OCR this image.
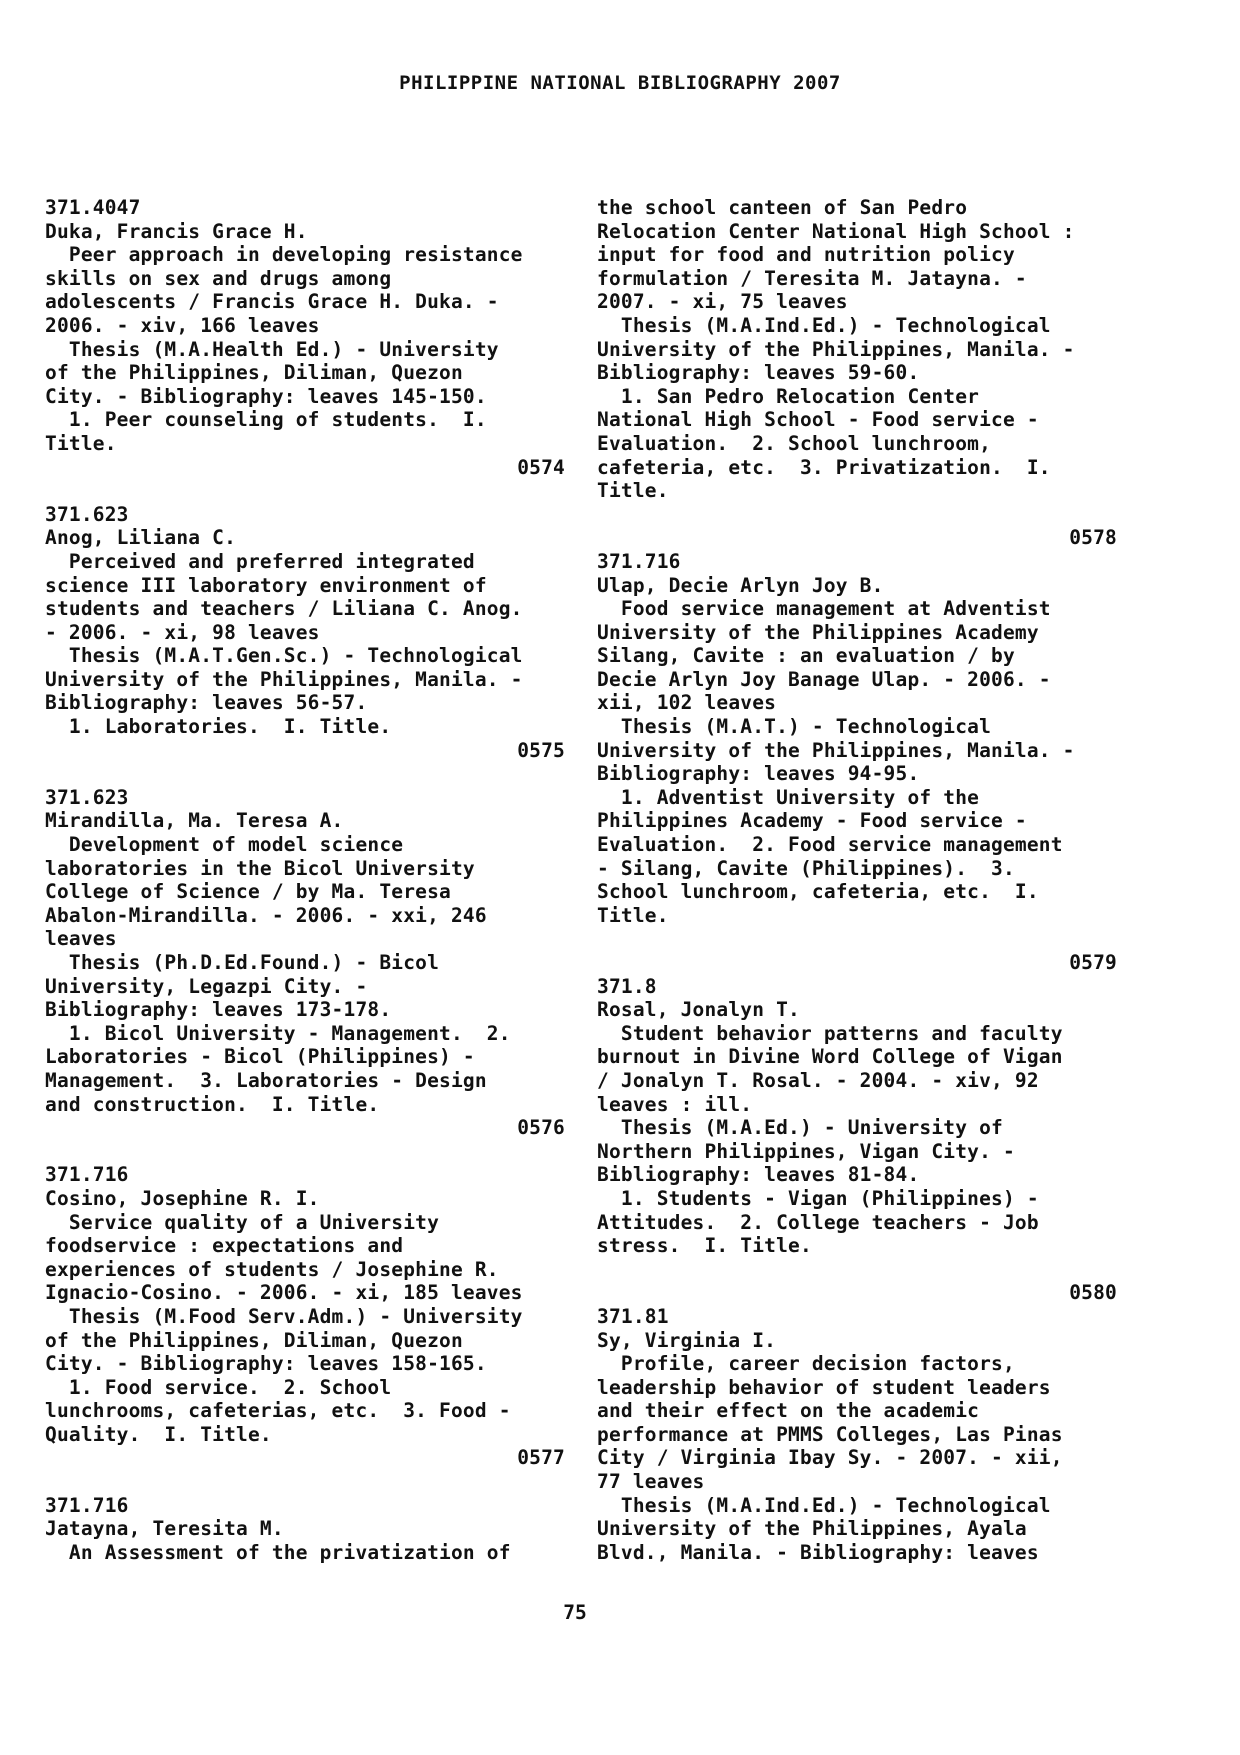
PHILIPPINE NATIONAL BIBLIOGRAPHY 2007
371.4047
Duka, Francis Grace H.
Peer approach in developing resistance
skills on sex and drugs among
adolescents / Francis Grace H. Duka. -
2006. - xiv, 166 leaves
Thesis (M.A.Health Ed.) - University
of the Philippines, Diliman, Quezon
City. - Bibliography: leaves 145-150.
1. Peer counseling of students.  I.
Title.
0574
371.623
Anog, Liliana C.
Perceived and preferred integrated
science III laboratory environment of
students and teachers / Liliana C. Anog.
- 2006. - xi, 98 leaves
Thesis (M.A.T.Gen.Sc.) - Technological
University of the Philippines, Manila. -
Bibliography: leaves 56-57.
1. Laboratories.  I. Title.
0575
371.623
Mirandilla, Ma. Teresa A.
Development of model science
laboratories in the Bicol University
College of Science / by Ma. Teresa
Abalon-Mirandilla. - 2006. - xxi, 246
leaves
Thesis (Ph.D.Ed.Found.) - Bicol
University, Legazpi City. -
Bibliography: leaves 173-178.
1. Bicol University - Management.  2.
Laboratories - Bicol (Philippines) -
Management.  3. Laboratories - Design
and construction.  I. Title.
0576
371.716
Cosino, Josephine R. I.
Service quality of a University
foodservice : expectations and
experiences of students / Josephine R.
Ignacio-Cosino. - 2006. - xi, 185 leaves
Thesis (M.Food Serv.Adm.) - University
of the Philippines, Diliman, Quezon
City. - Bibliography: leaves 158-165.
1. Food service.  2. School
lunchrooms, cafeterias, etc.  3. Food -
Quality.  I. Title.
0577
371.716
Jatayna, Teresita M.
An Assessment of the privatization of
the school canteen of San Pedro
Relocation Center National High School :
input for food and nutrition policy
formulation / Teresita M. Jatayna. -
2007. - xi, 75 leaves
Thesis (M.A.Ind.Ed.) - Technological
University of the Philippines, Manila. -
Bibliography: leaves 59-60.
1. San Pedro Relocation Center
National High School - Food service -
Evaluation.  2. School lunchroom,
cafeteria, etc.  3. Privatization.  I.
Title.
0578
371.716
Ulap, Decie Arlyn Joy B.
Food service management at Adventist
University of the Philippines Academy
Silang, Cavite : an evaluation / by
Decie Arlyn Joy Banage Ulap. - 2006. -
xii, 102 leaves
Thesis (M.A.T.) - Technological
University of the Philippines, Manila. -
Bibliography: leaves 94-95.
1. Adventist University of the
Philippines Academy - Food service -
Evaluation.  2. Food service management
- Silang, Cavite (Philippines).  3.
School lunchroom, cafeteria, etc.  I.
Title.
0579
371.8
Rosal, Jonalyn T.
Student behavior patterns and faculty
burnout in Divine Word College of Vigan
/ Jonalyn T. Rosal. - 2004. - xiv, 92
leaves : ill.
Thesis (M.A.Ed.) - University of
Northern Philippines, Vigan City. -
Bibliography: leaves 81-84.
1. Students - Vigan (Philippines) -
Attitudes.  2. College teachers - Job
stress.  I. Title.
0580
371.81
Sy, Virginia I.
Profile, career decision factors,
leadership behavior of student leaders
and their effect on the academic
performance at PMMS Colleges, Las Pinas
City / Virginia Ibay Sy. - 2007. - xii,
77 leaves
Thesis (M.A.Ind.Ed.) - Technological
University of the Philippines, Ayala
Blvd., Manila. - Bibliography: leaves
75
